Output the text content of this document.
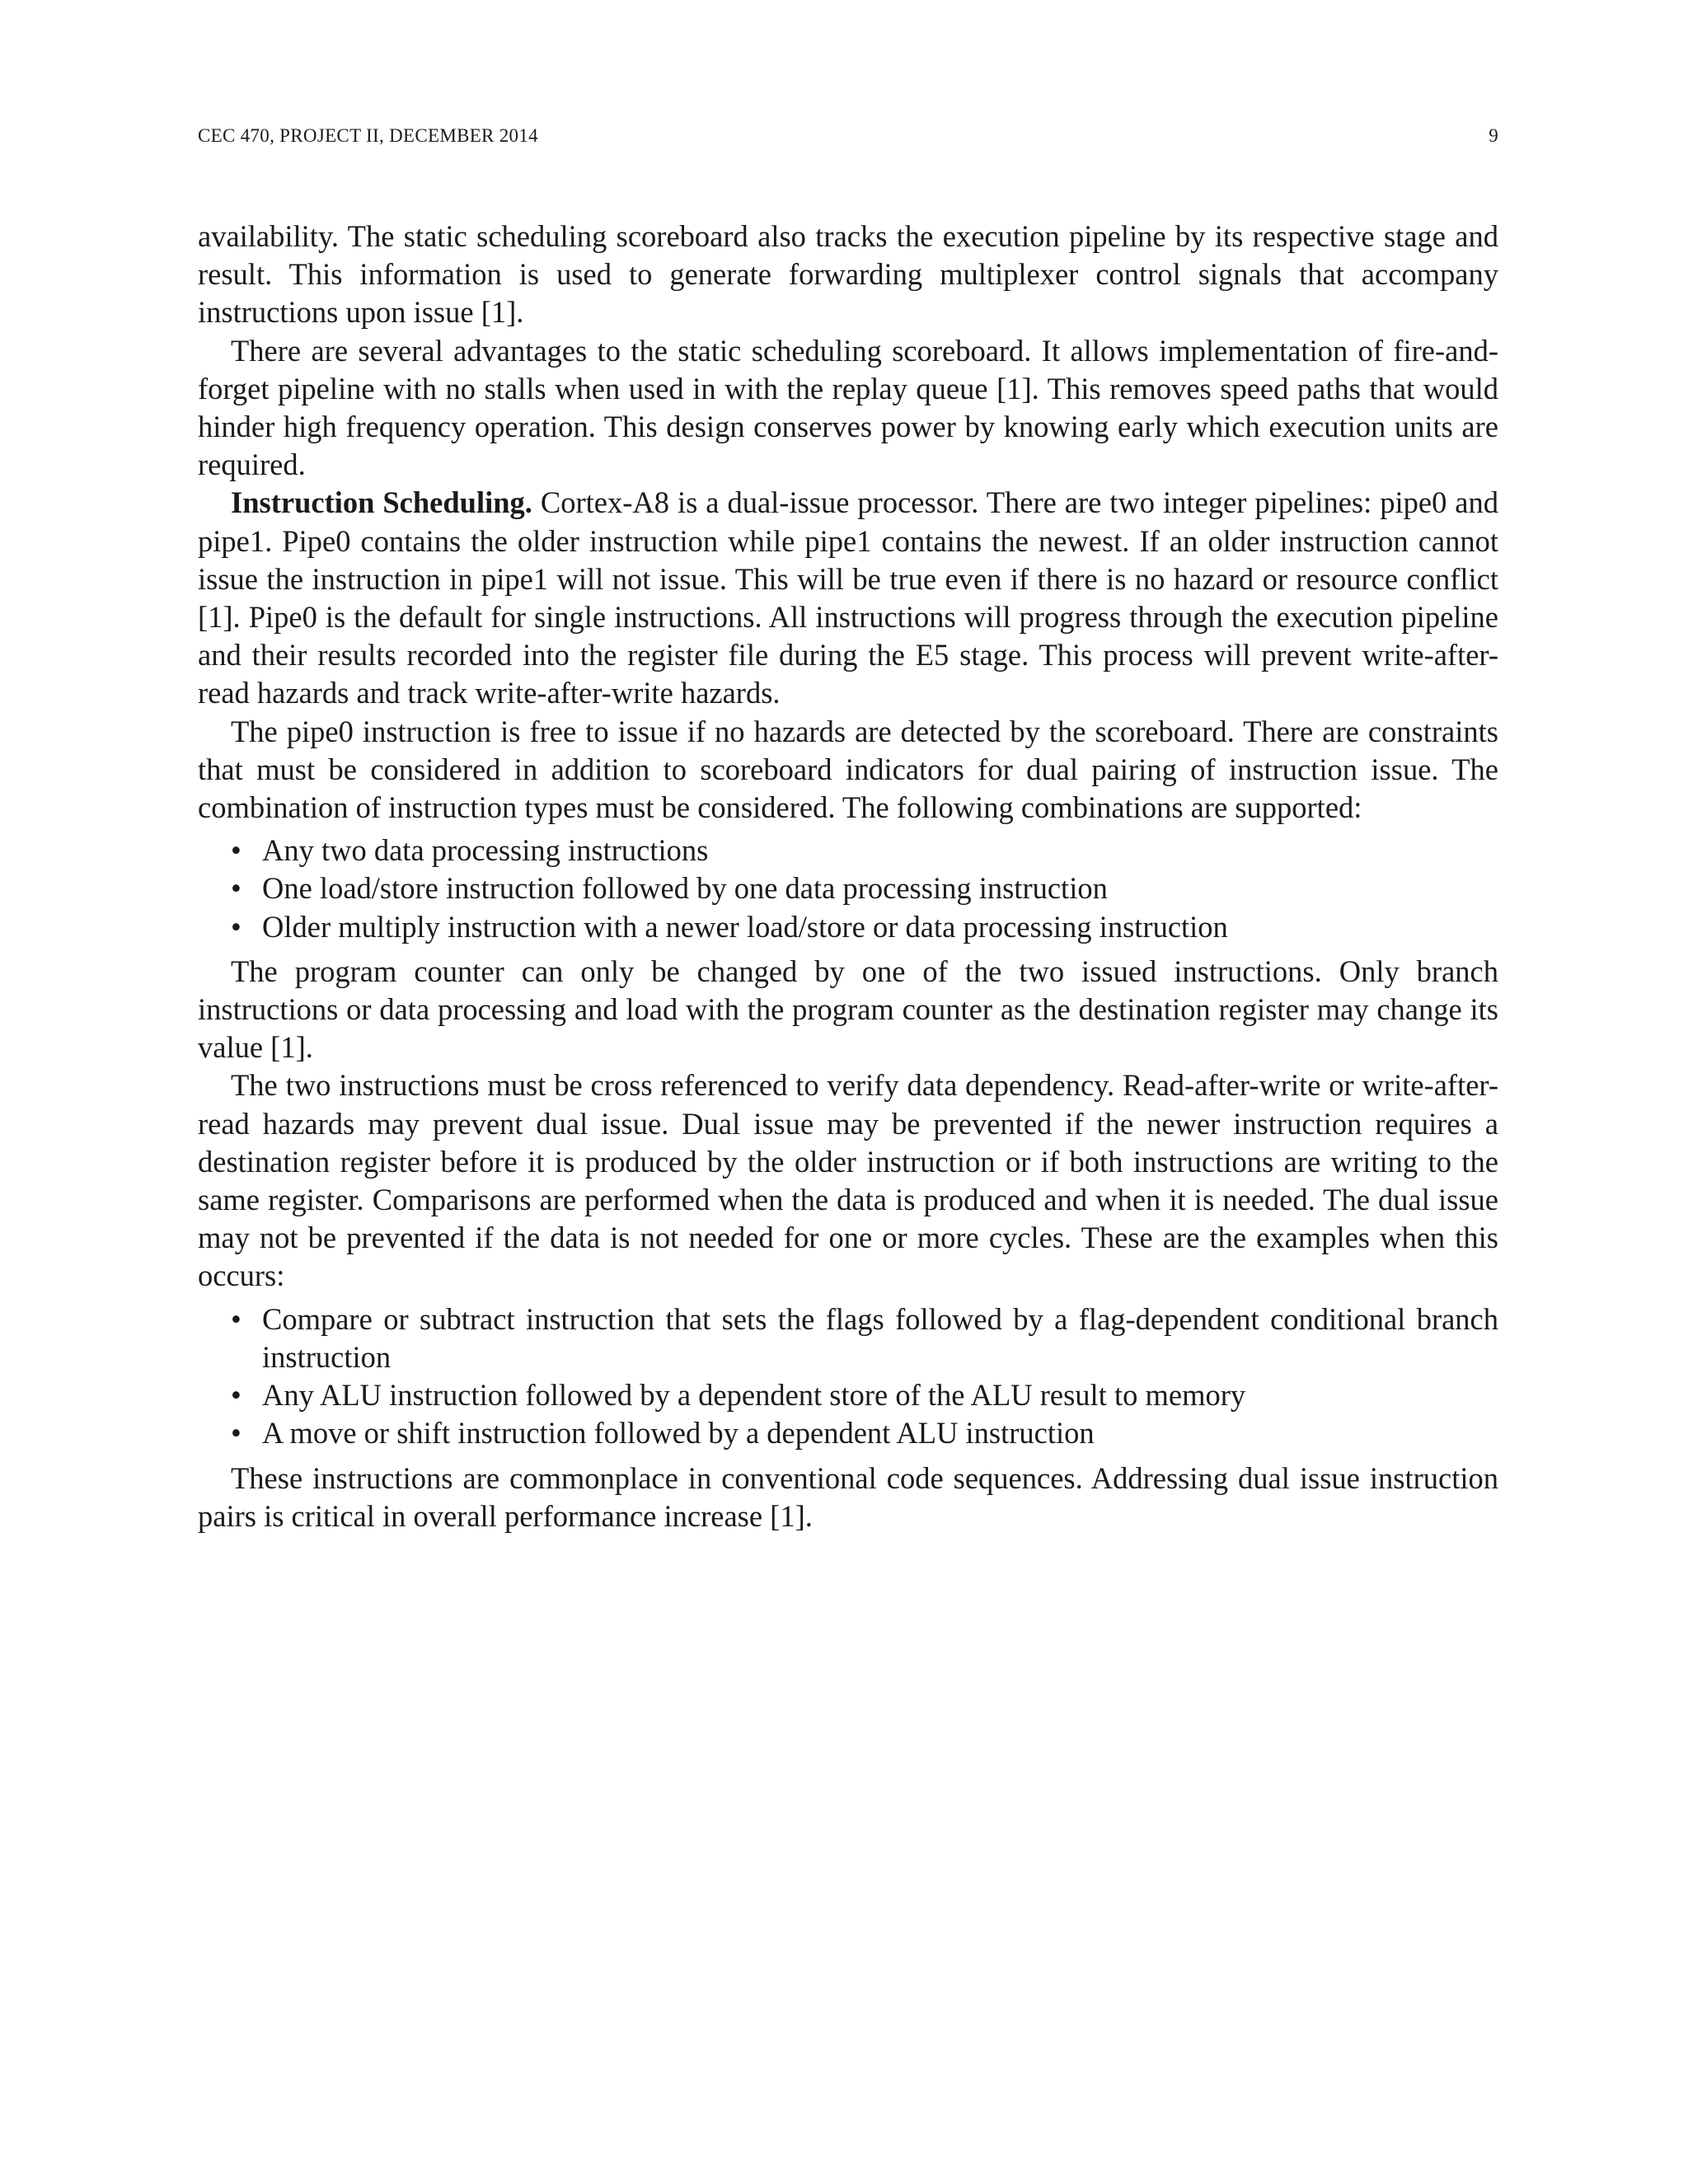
CEC 470, PROJECT II, DECEMBER 2014	9

availability. The static scheduling scoreboard also tracks the execution pipeline by its respective stage and result. This information is used to generate forwarding multiplexer control signals that accompany instructions upon issue [1].

There are several advantages to the static scheduling scoreboard. It allows implementation of fire-and-forget pipeline with no stalls when used in with the replay queue [1]. This removes speed paths that would hinder high frequency operation. This design conserves power by knowing early which execution units are required.

Instruction Scheduling. Cortex-A8 is a dual-issue processor. There are two integer pipelines: pipe0 and pipe1. Pipe0 contains the older instruction while pipe1 contains the newest. If an older instruction cannot issue the instruction in pipe1 will not issue. This will be true even if there is no hazard or resource conflict [1]. Pipe0 is the default for single instructions. All instructions will progress through the execution pipeline and their results recorded into the register file during the E5 stage. This process will prevent write-after-read hazards and track write-after-write hazards.

The pipe0 instruction is free to issue if no hazards are detected by the scoreboard. There are constraints that must be considered in addition to scoreboard indicators for dual pairing of instruction issue. The combination of instruction types must be considered. The following combinations are supported:

• Any two data processing instructions
• One load/store instruction followed by one data processing instruction
• Older multiply instruction with a newer load/store or data processing instruction

The program counter can only be changed by one of the two issued instructions. Only branch instructions or data processing and load with the program counter as the destination register may change its value [1].

The two instructions must be cross referenced to verify data dependency. Read-after-write or write-after-read hazards may prevent dual issue. Dual issue may be prevented if the newer instruction requires a destination register before it is produced by the older instruction or if both instructions are writing to the same register. Comparisons are performed when the data is produced and when it is needed. The dual issue may not be prevented if the data is not needed for one or more cycles. These are the examples when this occurs:

• Compare or subtract instruction that sets the flags followed by a flag-dependent conditional branch instruction
• Any ALU instruction followed by a dependent store of the ALU result to memory
• A move or shift instruction followed by a dependent ALU instruction

These instructions are commonplace in conventional code sequences. Addressing dual issue instruction pairs is critical in overall performance increase [1].
